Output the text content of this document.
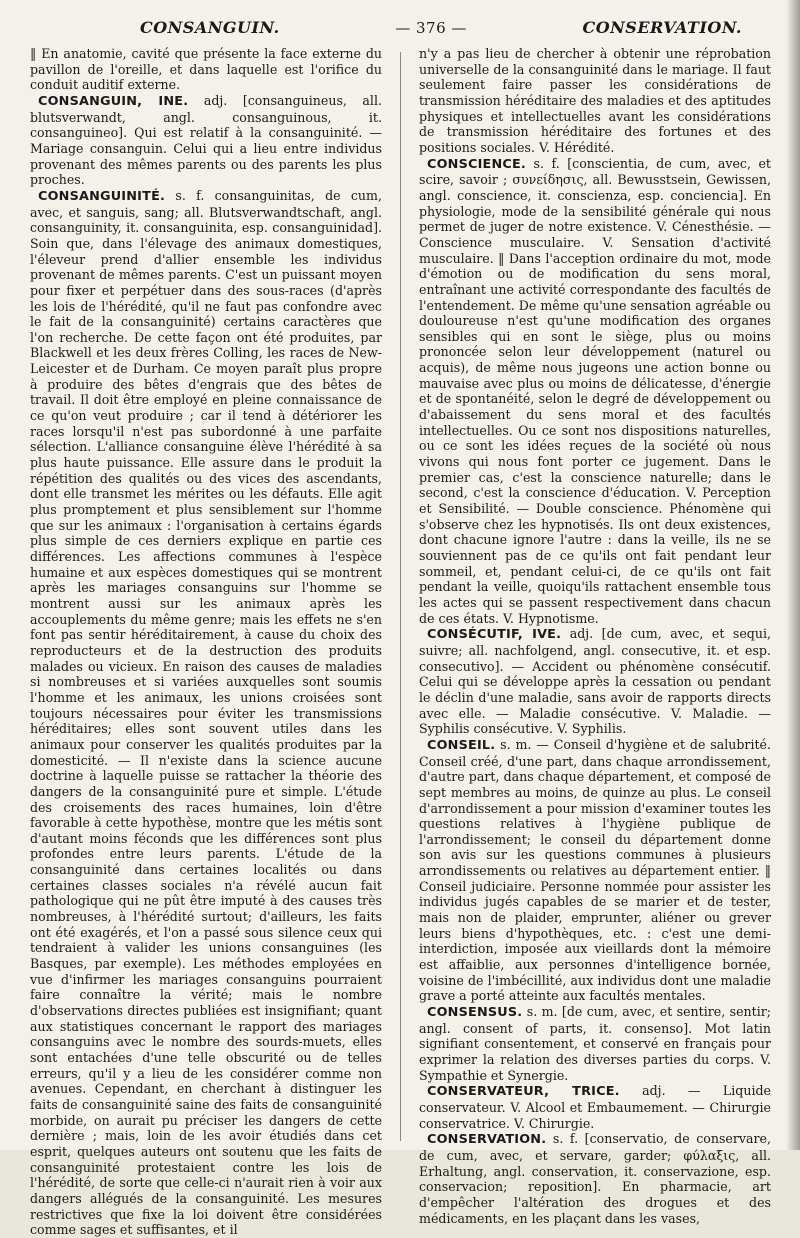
CONSANGUIN.	— 376 —	CONSERVATION.

‖ En anatomie, cavité que présente la face externe du pavillon de l'oreille, et dans laquelle est l'orifice du conduit auditif externe.

CONSANGUIN, INE. adj. [consanguineus, all. blutsverwandt, angl. consanguinous, it. consanguineo]. Qui est relatif à la consanguinité. — Mariage consanguin. Celui qui a lieu entre individus provenant des mêmes parents ou des parents les plus proches.

CONSANGUINITÉ. s. f. consanguinitas, de cum, avec, et sanguis, sang; all. Blutsverwandtschaft, angl. consanguinity, it. consanguinita, esp. consanguinidad]. Soin que, dans l'élevage des animaux domestiques, l'éleveur prend d'allier ensemble les individus provenant de mêmes parents. C'est un puissant moyen pour fixer et perpétuer dans des sous-races (d'après les lois de l'hérédité, qu'il ne faut pas confondre avec le fait de la consanguinité) certains caractères que l'on recherche. De cette façon ont été produites, par Blackwell et les deux frères Colling, les races de New-Leicester et de Durham. Ce moyen paraît plus propre à produire des bêtes d'engrais que des bêtes de travail. Il doit être employé en pleine connaissance de ce qu'on veut produire ; car il tend à détériorer les races lorsqu'il n'est pas subordonné à une parfaite sélection. L'alliance consanguine élève l'hérédité à sa plus haute puissance. Elle assure dans le produit la répétition des qualités ou des vices des ascendants, dont elle transmet les mérites ou les défauts. Elle agit plus promptement et plus sensiblement sur l'homme que sur les animaux : l'organisation à certains égards plus simple de ces derniers explique en partie ces différences. Les affections communes à l'espèce humaine et aux espèces domestiques qui se montrent après les mariages consanguins sur l'homme se montrent aussi sur les animaux après les accouplements du même genre; mais les effets ne s'en font pas sentir héréditairement, à cause du choix des reproducteurs et de la destruction des produits malades ou vicieux. En raison des causes de maladies si nombreuses et si variées auxquelles sont soumis l'homme et les animaux, les unions croisées sont toujours nécessaires pour éviter les transmissions héréditaires; elles sont souvent utiles dans les animaux pour conserver les qualités produites par la domesticité. — Il n'existe dans la science aucune doctrine à laquelle puisse se rattacher la théorie des dangers de la consanguinité pure et simple. L'étude des croisements des races humaines, loin d'être favorable à cette hypothèse, montre que les métis sont d'autant moins féconds que les différences sont plus profondes entre leurs parents. L'étude de la consanguinité dans certaines localités ou dans certaines classes sociales n'a révélé aucun fait pathologique qui ne pût être imputé à des causes très nombreuses, à l'hérédité surtout; d'ailleurs, les faits ont été exagérés, et l'on a passé sous silence ceux qui tendraient à valider les unions consanguines (les Basques, par exemple). Les méthodes employées en vue d'infirmer les mariages consanguins pourraient faire connaître la vérité; mais le nombre d'observations directes publiées est insignifiant; quant aux statistiques concernant le rapport des mariages consanguins avec le nombre des sourds-muets, elles sont entachées d'une telle obscurité ou de telles erreurs, qu'il y a lieu de les considérer comme non avenues. Cependant, en cherchant à distinguer les faits de consanguinité saine des faits de consanguinité morbide, on aurait pu préciser les dangers de cette dernière ; mais, loin de les avoir étudiés dans cet esprit, quelques auteurs ont soutenu que les faits de consanguinité protestaient contre les lois de l'hérédité, de sorte que celle-ci n'aurait rien à voir aux dangers allégués de la consanguinité. Les mesures restrictives que fixe la loi doivent être considérées comme sages et suffisantes, et il

n'y a pas lieu de chercher à obtenir une réprobation universelle de la consanguinité dans le mariage. Il faut seulement faire passer les considérations de transmission héréditaire des maladies et des aptitudes physiques et intellectuelles avant les considérations de transmission héréditaire des fortunes et des positions sociales. V. Hérédité.

CONSCIENCE. s. f. [conscientia, de cum, avec, et scire, savoir ; συνείδησις, all. Bewusstsein, Gewissen, angl. conscience, it. conscienza, esp. conciencia]. En physiologie, mode de la sensibilité générale qui nous permet de juger de notre existence. V. Cénesthésie. — Conscience musculaire. V. Sensation d'activité musculaire. ‖ Dans l'acception ordinaire du mot, mode d'émotion ou de modification du sens moral, entraînant une activité correspondante des facultés de l'entendement. De même qu'une sensation agréable ou douloureuse n'est qu'une modification des organes sensibles qui en sont le siège, plus ou moins prononcée selon leur développement (naturel ou acquis), de même nous jugeons une action bonne ou mauvaise avec plus ou moins de délicatesse, d'énergie et de spontanéité, selon le degré de développement ou d'abaissement du sens moral et des facultés intellectuelles. Ou ce sont nos dispositions naturelles, ou ce sont les idées reçues de la société où nous vivons qui nous font porter ce jugement. Dans le premier cas, c'est la conscience naturelle; dans le second, c'est la conscience d'éducation. V. Perception et Sensibilité. — Double conscience. Phénomène qui s'observe chez les hypnotisés. Ils ont deux existences, dont chacune ignore l'autre : dans la veille, ils ne se souviennent pas de ce qu'ils ont fait pendant leur sommeil, et, pendant celui-ci, de ce qu'ils ont fait pendant la veille, quoiqu'ils rattachent ensemble tous les actes qui se passent respectivement dans chacun de ces états. V. Hypnotisme.

CONSÉCUTIF, IVE. adj. [de cum, avec, et sequi, suivre; all. nachfolgend, angl. consecutive, it. et esp. consecutivo]. — Accident ou phénomène consécutif. Celui qui se développe après la cessation ou pendant le déclin d'une maladie, sans avoir de rapports directs avec elle. — Maladie consécutive. V. Maladie. — Syphilis consécutive. V. Syphilis.

CONSEIL. s. m. — Conseil d'hygiène et de salubrité. Conseil créé, d'une part, dans chaque arrondissement, d'autre part, dans chaque département, et composé de sept membres au moins, de quinze au plus. Le conseil d'arrondissement a pour mission d'examiner toutes les questions relatives à l'hygiène publique de l'arrondissement; le conseil du département donne son avis sur les questions communes à plusieurs arrondissements ou relatives au département entier. ‖ Conseil judiciaire. Personne nommée pour assister les individus jugés capables de se marier et de tester, mais non de plaider, emprunter, aliéner ou grever leurs biens d'hypothèques, etc. : c'est une demi-interdiction, imposée aux vieillards dont la mémoire est affaiblie, aux personnes d'intelligence bornée, voisine de l'imbécillité, aux individus dont une maladie grave a porté atteinte aux facultés mentales.

CONSENSUS. s. m. [de cum, avec, et sentire, sentir; angl. consent of parts, it. consenso]. Mot latin signifiant consentement, et conservé en français pour exprimer la relation des diverses parties du corps. V. Sympathie et Synergie.

CONSERVATEUR, TRICE. adj. — Liquide conservateur. V. Alcool et Embaumement. — Chirurgie conservatrice. V. Chirurgie.

CONSERVATION. s. f. [conservatio, de conservare, de cum, avec, et servare, garder; φύλαξις, all. Erhaltung, angl. conservation, it. conservazione, esp. conservacion; reposition]. En pharmacie, art d'empêcher l'altération des drogues et des médicaments, en les plaçant dans les vases,
